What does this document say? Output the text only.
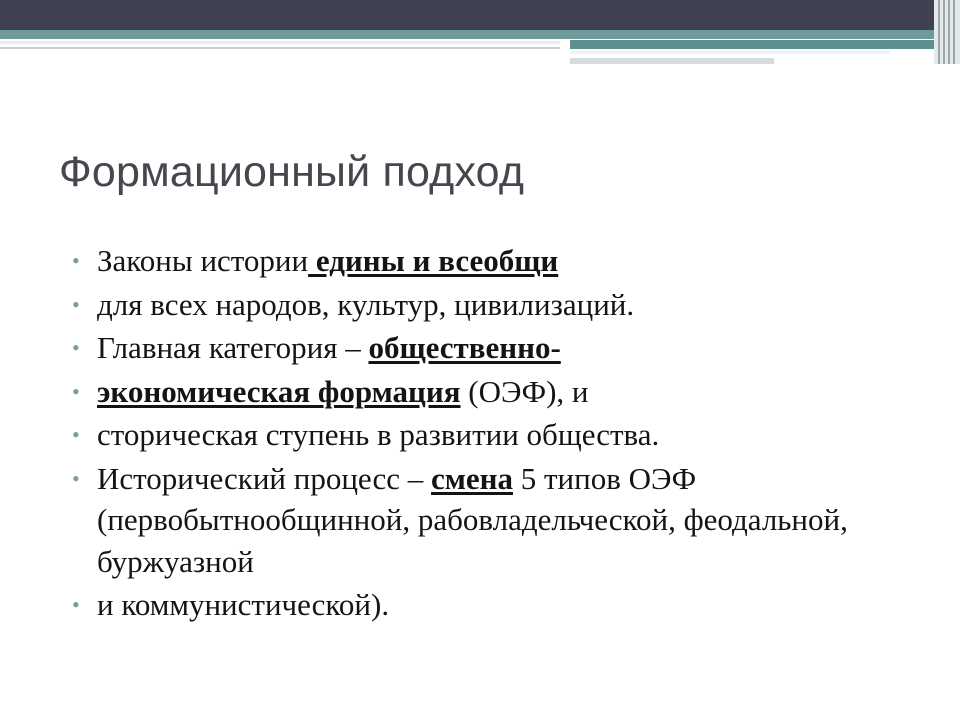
Формационный подход
• Законы истории едины и всеобщи
• для всех народов, культур, цивилизаций.
• Главная категория – общественно-
• экономическая формация (ОЭФ), и
• сторическая ступень в развитии общества.
• Исторический процесс – смена 5 типов ОЭФ (первобытнообщинной, рабовладельческой, феодальной, буржуазной
• и коммунистической).
